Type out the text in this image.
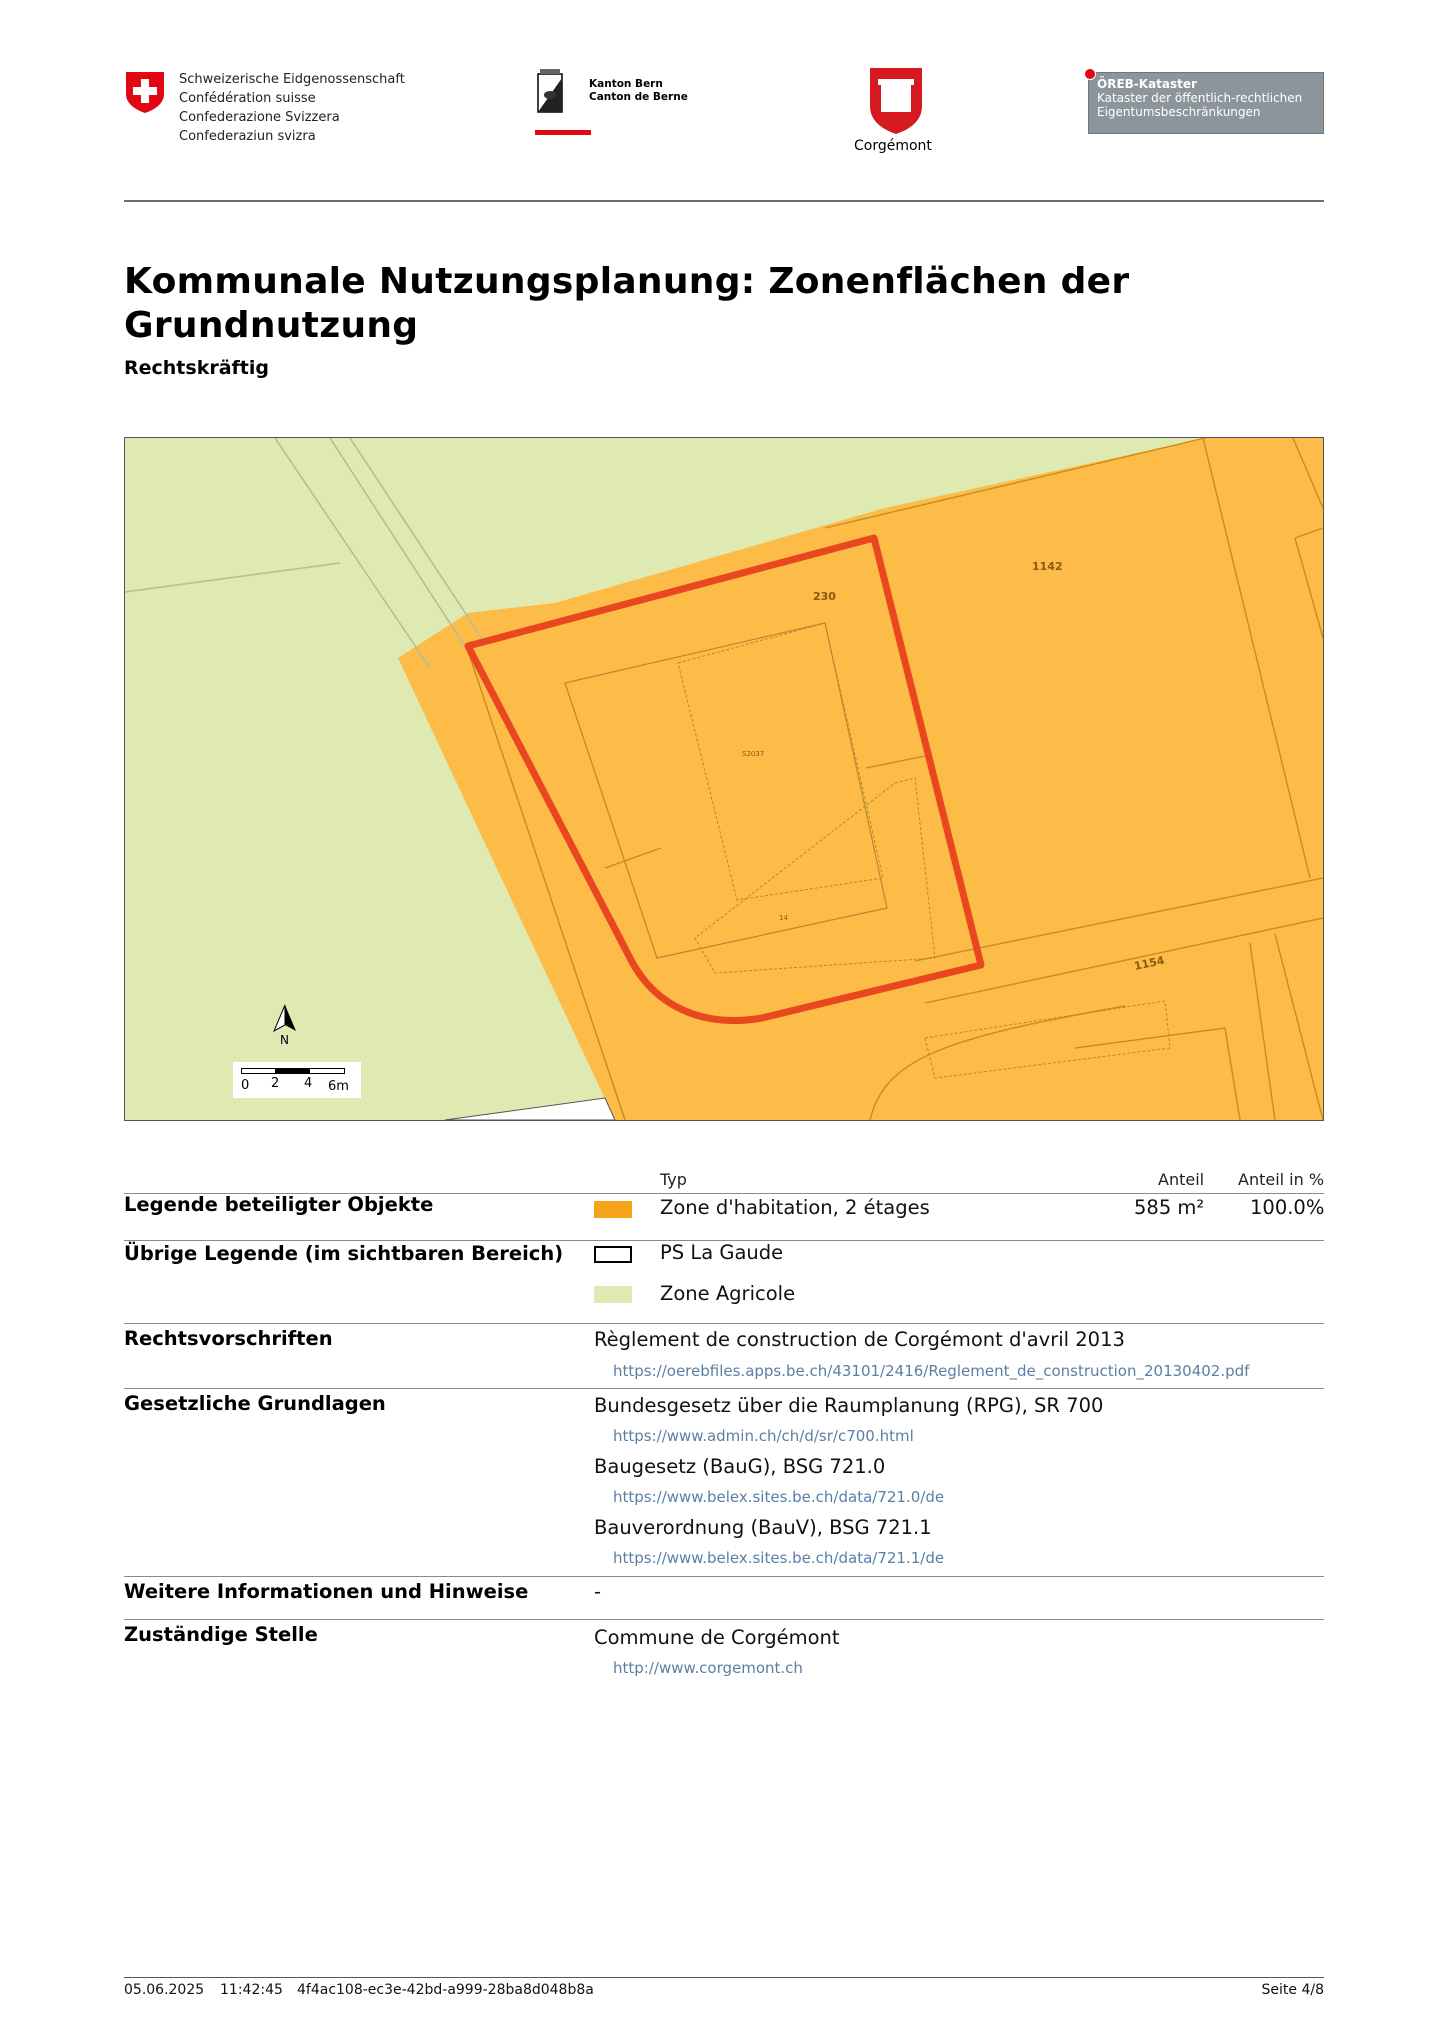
Schweizerische Eidgenossenschaft
Confédération suisse
Confederazione Svizzera
Confederaziun svizra
Kanton Bern
Canton de Berne
Corgémont
ÖREB-Kataster
Kataster der öffentlich-rechtlichen
Eigentumsbeschränkungen
Kommunale Nutzungsplanung: Zonenflächen der
Grundnutzung
Rechtskräftig
1142
230
1154
S2037
14
N
0 2 4 6m
Typ	Anteil Anteil in %
Legende beteiligter Objekte	Zone d'habitation, 2 étages	585 m² 100.0%
Übrige Legende (im sichtbaren Bereich)	PS La Gaude
Zone Agricole
Rechtsvorschriften	Règlement de construction de Corgémont d'avril 2013
https://oerebfiles.apps.be.ch/43101/2416/Reglement_de_construction_20130402.pdf
Gesetzliche Grundlagen	Bundesgesetz über die Raumplanung (RPG), SR 700
https://www.admin.ch/ch/d/sr/c700.html
Baugesetz (BauG), BSG 721.0
https://www.belex.sites.be.ch/data/721.0/de
Bauverordnung (BauV), BSG 721.1
https://www.belex.sites.be.ch/data/721.1/de
Weitere Informationen und Hinweise	-
Zuständige Stelle	Commune de Corgémont
http://www.corgemont.ch
05.06.2025 11:42:45 4f4ac108-ec3e-42bd-a999-28ba8d048b8a	Seite 4/8
